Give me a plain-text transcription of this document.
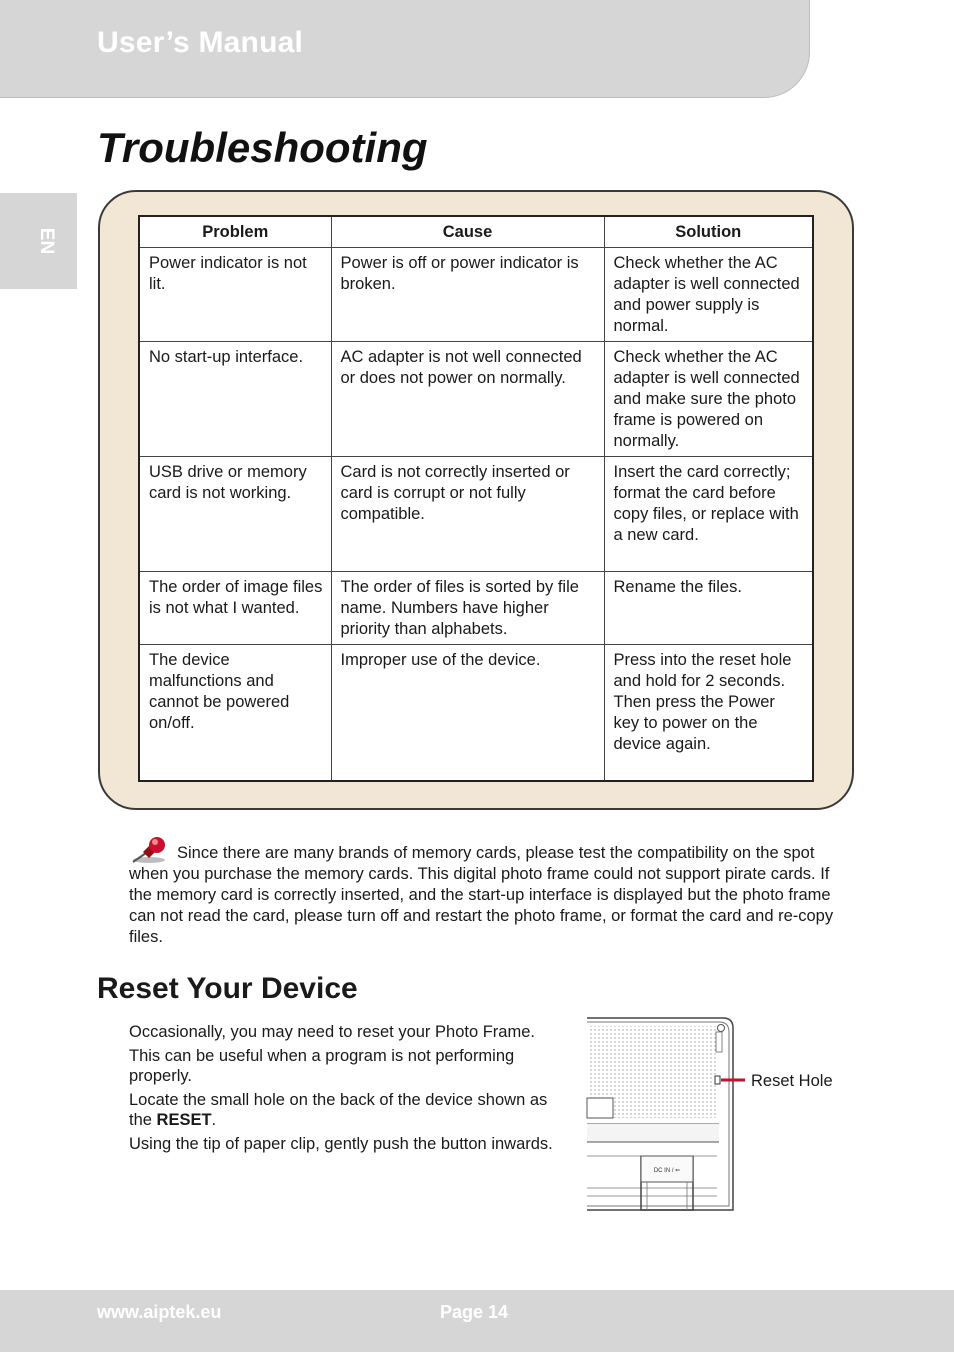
User’s Manual
EN
Troubleshooting
Problem	Cause	Solution
Power indicator is not lit.	Power is off or power indicator is broken.	Check whether the AC adapter is well connected and power supply is normal.
No start-up interface.	AC adapter is not well connected or does not power on normally.	Check whether the AC adapter is well connected and make sure the photo frame is powered on normally.
USB drive or memory card is not working.	Card is not correctly inserted or card is corrupt or not fully compatible.	Insert the card correctly; format the card before copy files, or replace with a new card.
The order of image files is not what I wanted.	The order of files is sorted by file name. Numbers have higher priority than alphabets.	Rename the files.
The device malfunctions and cannot be powered on/off.	Improper use of the device.	Press into the reset hole and hold for 2 seconds. Then press the Power key to power on the device again.
Since there are many brands of memory cards, please test the compatibility on the spot when you purchase the memory cards. This digital photo frame could not support pirate cards. If the memory card is correctly inserted, and the start-up interface is displayed but the photo frame can not read the card, please turn off and restart the photo frame, or format the card and re-copy files.
Reset Your Device

Occasionally, you may need to reset your Photo Frame.

This can be useful when a program is not performing properly.

Locate the small hole on the back of the device shown as the RESET.

Using the tip of paper clip, gently push the button inwards.

DC IN / ⇐
Reset Hole
www.aiptek.eu	Page 14
